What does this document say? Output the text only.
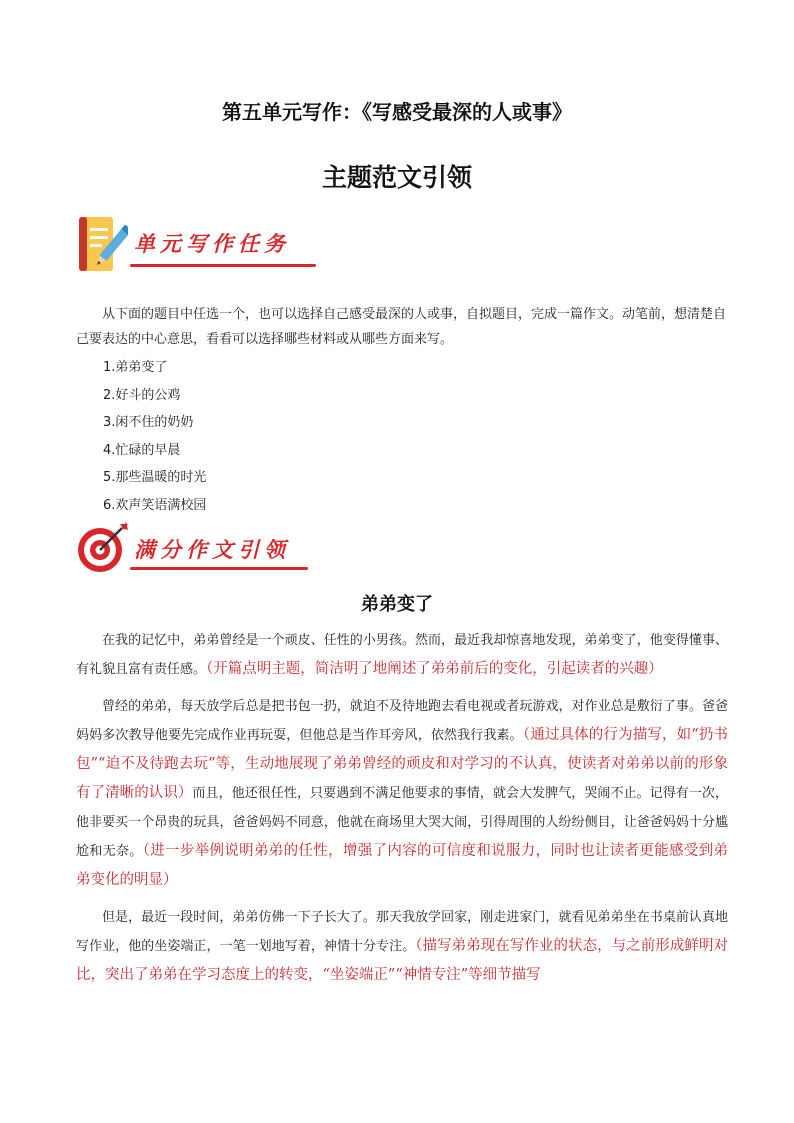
第五单元写作：《写感受最深的人或事》
主题范文引领
单元写作任务

从下面的题目中任选一个，也可以选择自己感受最深的人或事，自拟题目，完成一篇作文。动笔前，想清楚自己要表达的中心意思，看看可以选择哪些材料或从哪些方面来写。

1.弟弟变了
2.好斗的公鸡
3.闲不住的奶奶
4.忙碌的早晨
5.那些温暖的时光
6.欢声笑语满校园
满分作文引领
弟弟变了

在我的记忆中，弟弟曾经是一个顽皮、任性的小男孩。然而，最近我却惊喜地发现，弟弟变了，他变得懂事、有礼貌且富有责任感。（开篇点明主题，简洁明了地阐述了弟弟前后的变化，引起读者的兴趣）

曾经的弟弟，每天放学后总是把书包一扔，就迫不及待地跑去看电视或者玩游戏，对作业总是敷衍了事。爸爸妈妈多次教导他要先完成作业再玩耍，但他总是当作耳旁风，依然我行我素。（通过具体的行为描写，如“扔书包”“迫不及待跑去玩”等，生动地展现了弟弟曾经的顽皮和对学习的不认真，使读者对弟弟以前的形象有了清晰的认识）而且，他还很任性，只要遇到不满足他要求的事情，就会大发脾气，哭闹不止。记得有一次，他非要买一个昂贵的玩具，爸爸妈妈不同意，他就在商场里大哭大闹，引得周围的人纷纷侧目，让爸爸妈妈十分尴尬和无奈。（进一步举例说明弟弟的任性，增强了内容的可信度和说服力，同时也让读者更能感受到弟弟变化的明显）

但是，最近一段时间，弟弟仿佛一下子长大了。那天我放学回家，刚走进家门，就看见弟弟坐在书桌前认真地写作业，他的坐姿端正，一笔一划地写着，神情十分专注。（描写弟弟现在写作业的状态，与之前形成鲜明对比，突出了弟弟在学习态度上的转变，“坐姿端正”“神情专注”等细节描写
